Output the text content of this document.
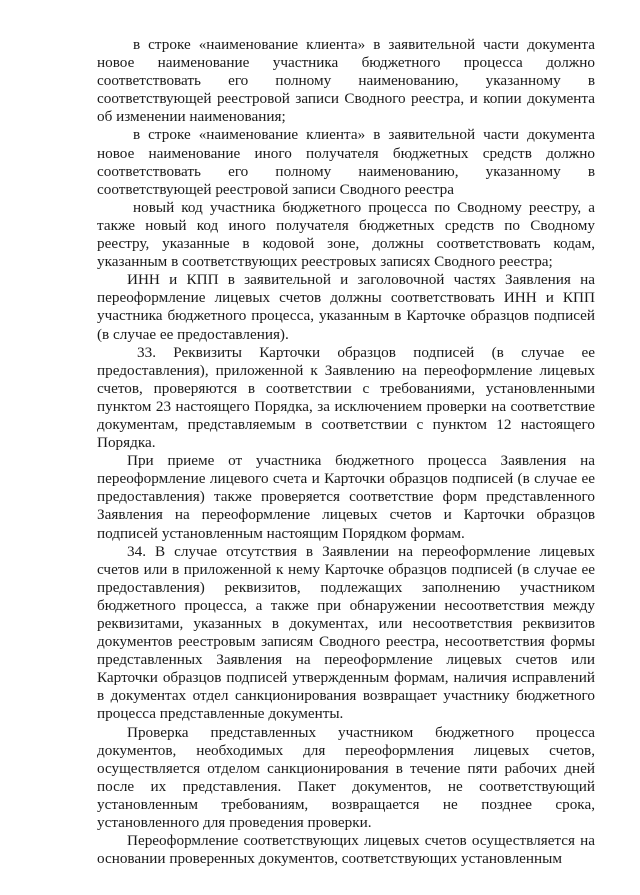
в строке «наименование клиента» в заявительной части документа новое наименование участника бюджетного процесса должно соответствовать его полному наименованию, указанному в соответствующей реестровой записи Сводного реестра, и копии документа об изменении наименования;

в строке «наименование клиента» в заявительной части документа новое наименование иного получателя бюджетных средств должно соответствовать его полному наименованию, указанному в соответствующей реестровой записи Сводного реестра

новый код участника бюджетного процесса по Сводному реестру, а также новый код иного получателя бюджетных средств по Сводному реестру, указанные в кодовой зоне, должны соответствовать кодам, указанным в соответствующих реестровых записях Сводного реестра;

ИНН и КПП в заявительной и заголовочной частях Заявления на переоформление лицевых счетов должны соответствовать ИНН и КПП участника бюджетного процесса, указанным в Карточке образцов подписей (в случае ее предоставления).

33. Реквизиты Карточки образцов подписей (в случае ее предоставления), приложенной к Заявлению на переоформление лицевых счетов, проверяются в соответствии с требованиями, установленными пунктом 23 настоящего Порядка, за исключением проверки на соответствие документам, представляемым в соответствии с пунктом 12 настоящего Порядка.

При приеме от участника бюджетного процесса Заявления на переоформление лицевого счета и Карточки образцов подписей (в случае ее предоставления) также проверяется соответствие форм представленного Заявления на переоформление лицевых счетов и Карточки образцов подписей установленным настоящим Порядком формам.

34. В случае отсутствия в Заявлении на переоформление лицевых счетов или в приложенной к нему Карточке образцов подписей (в случае ее предоставления) реквизитов, подлежащих заполнению участником бюджетного процесса, а также при обнаружении несоответствия между реквизитами, указанных в документах, или несоответствия реквизитов документов реестровым записям Сводного реестра, несоответствия формы представленных Заявления на переоформление лицевых счетов или Карточки образцов подписей утвержденным формам, наличия исправлений в документах отдел санкционирования возвращает участнику бюджетного процесса представленные документы.

Проверка представленных участником бюджетного процесса документов, необходимых для переоформления лицевых счетов, осуществляется отделом санкционирования в течение пяти рабочих дней после их представления. Пакет документов, не соответствующий установленным требованиям, возвращается не позднее срока, установленного для проведения проверки.

Переоформление соответствующих лицевых счетов осуществляется на основании проверенных документов, соответствующих установленным
